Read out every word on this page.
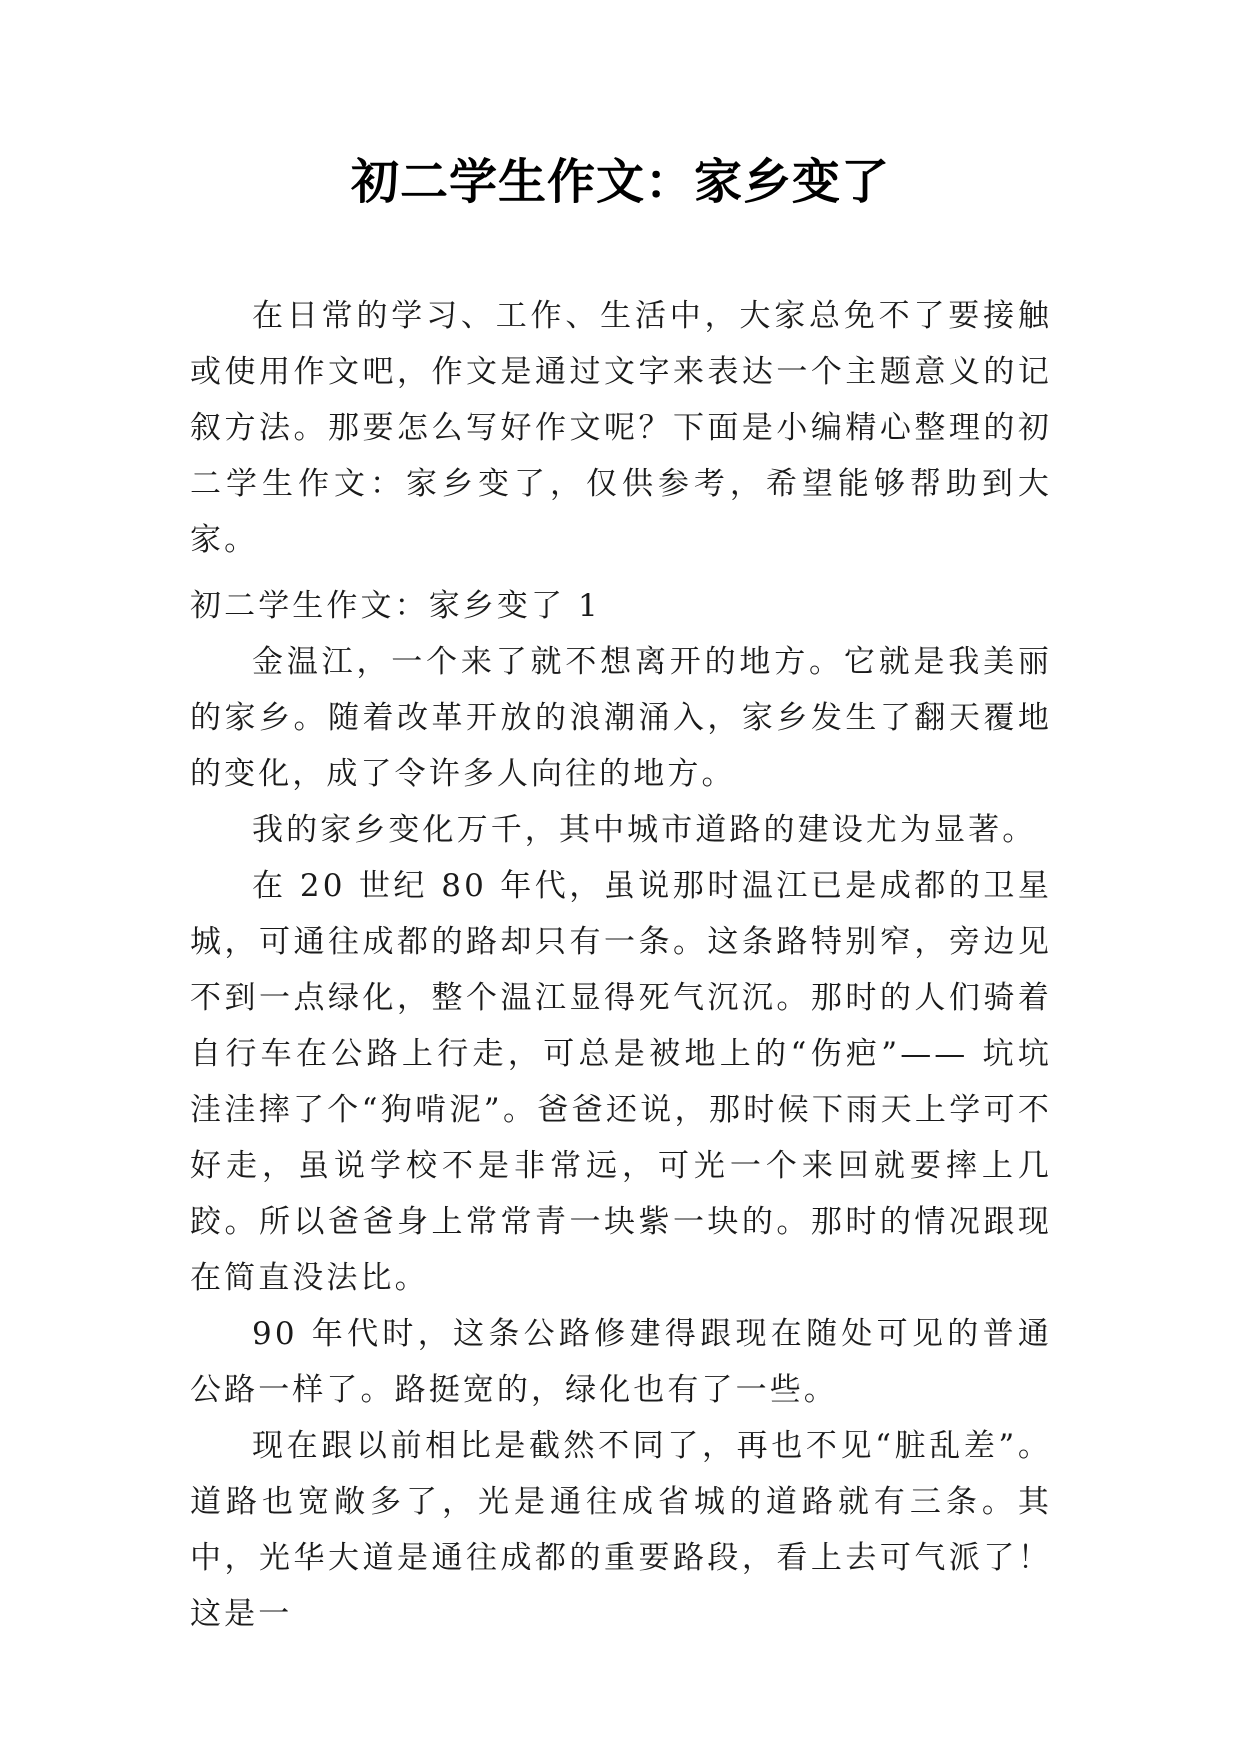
初二学生作文：家乡变了

在日常的学习、工作、生活中，大家总免不了要接触或使用作文吧，作文是通过文字来表达一个主题意义的记叙方法。那要怎么写好作文呢？下面是小编精心整理的初二学生作文：家乡变了，仅供参考，希望能够帮助到大家。

初二学生作文：家乡变了 1

金温江，一个来了就不想离开的地方。它就是我美丽的家乡。随着改革开放的浪潮涌入，家乡发生了翻天覆地的变化，成了令许多人向往的地方。

我的家乡变化万千，其中城市道路的建设尤为显著。

在 20 世纪 80 年代，虽说那时温江已是成都的卫星城，可通往成都的路却只有一条。这条路特别窄，旁边见不到一点绿化，整个温江显得死气沉沉。那时的人们骑着自行车在公路上行走，可总是被地上的“伤疤”—— 坑坑洼洼摔了个“狗啃泥”。爸爸还说，那时候下雨天上学可不好走，虽说学校不是非常远，可光一个来回就要摔上几跤。所以爸爸身上常常青一块紫一块的。那时的情况跟现在简直没法比。

90 年代时，这条公路修建得跟现在随处可见的普通公路一样了。路挺宽的，绿化也有了一些。

现在跟以前相比是截然不同了，再也不见“脏乱差”。道路也宽敞多了，光是通往成省城的道路就有三条。其中，光华大道是通往成都的重要路段，看上去可气派了！这是一
